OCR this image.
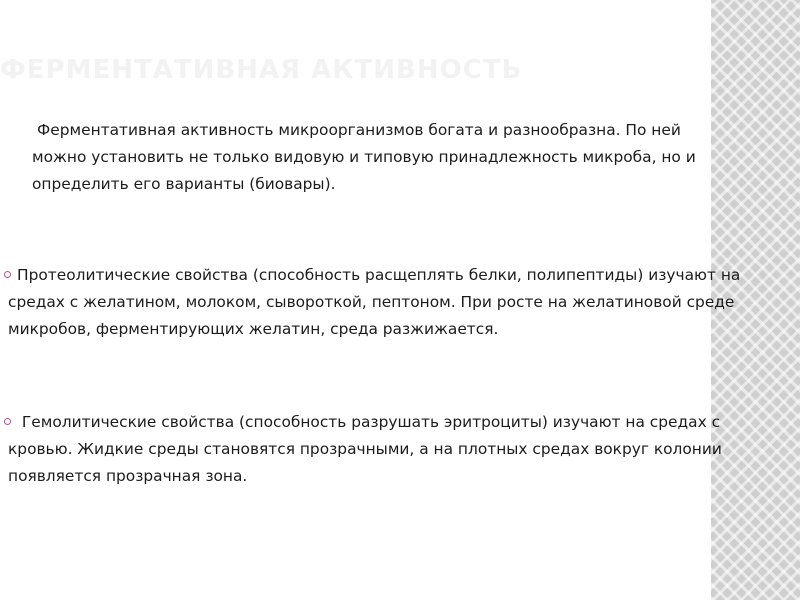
ФЕРМЕНТАТИВНАЯ АКТИВНОСТЬ

Ферментативная активность микроорганизмов богата и разнообразна. По ней можно установить не только видовую и типовую принадлежность микроба, но и определить его варианты (биовары).

Протеолитические свойства (способность расщеплять белки, полипептиды) изучают на средах с желатином, молоком, сывороткой, пептоном. При росте на желатиновой среде микробов, ферментирующих желатин, среда разжижается.

Гемолитические свойства (способность разрушать эритроциты) изучают на средах с кровью. Жидкие среды становятся прозрачными, а на плотных средах вокруг колонии появляется прозрачная зона.
